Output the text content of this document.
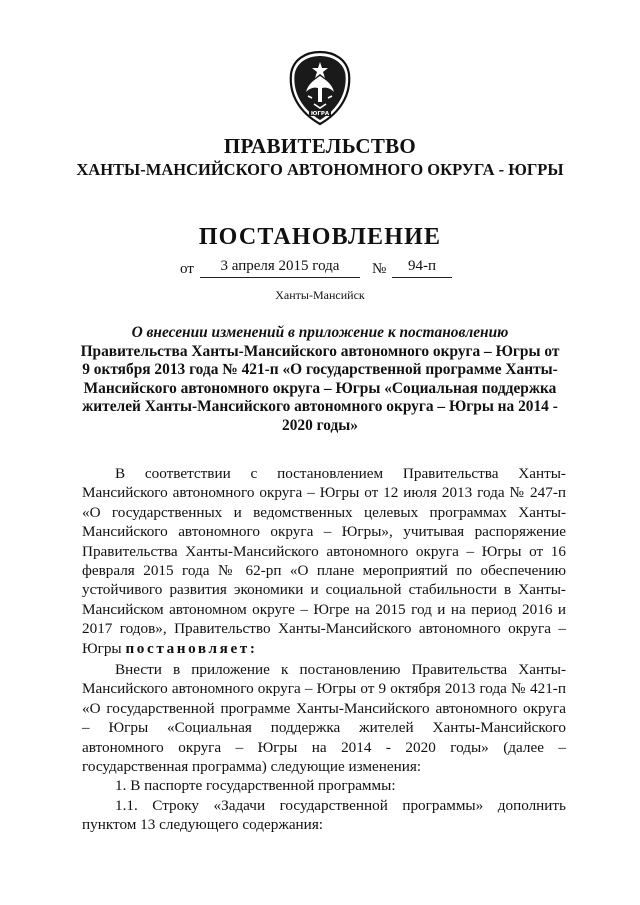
ЮГРА
ПРАВИТЕЛЬСТВО
ХАНТЫ-МАНСИЙСКОГО АВТОНОМНОГО ОКРУГА - ЮГРЫ
ПОСТАНОВЛЕНИЕ
от	3 апреля 2015 года	№	94-п
Ханты-Мансийск
О внесении изменений в приложение к постановлению
Правительства Ханты-Мансийского автономного округа – Югры от 9 октября 2013 года № 421-п «О государственной программе Ханты-Мансийского автономного округа – Югры «Социальная поддержка жителей Ханты-Мансийского автономного округа – Югры на 2014 - 2020 годы»

В соответствии с постановлением Правительства Ханты-Мансийского автономного округа – Югры от 12 июля 2013 года № 247-п «О государственных и ведомственных целевых программах Ханты-Мансийского автономного округа – Югры», учитывая распоряжение Правительства Ханты-Мансийского автономного округа – Югры от 16 февраля 2015 года № 62-рп «О плане мероприятий по обеспечению устойчивого развития экономики и социальной стабильности в Ханты-Мансийском автономном округе – Югре на 2015 год и на период 2016 и 2017 годов», Правительство Ханты-Мансийского автономного округа – Югры постановляет:

Внести в приложение к постановлению Правительства Ханты-Мансийского автономного округа – Югры от 9 октября 2013 года № 421-п «О государственной программе Ханты-Мансийского автономного округа – Югры «Социальная поддержка жителей Ханты-Мансийского автономного округа – Югры на 2014 - 2020 годы» (далее – государственная программа) следующие изменения:

1. В паспорте государственной программы:

1.1. Строку «Задачи государственной программы» дополнить пунктом 13 следующего содержания:
